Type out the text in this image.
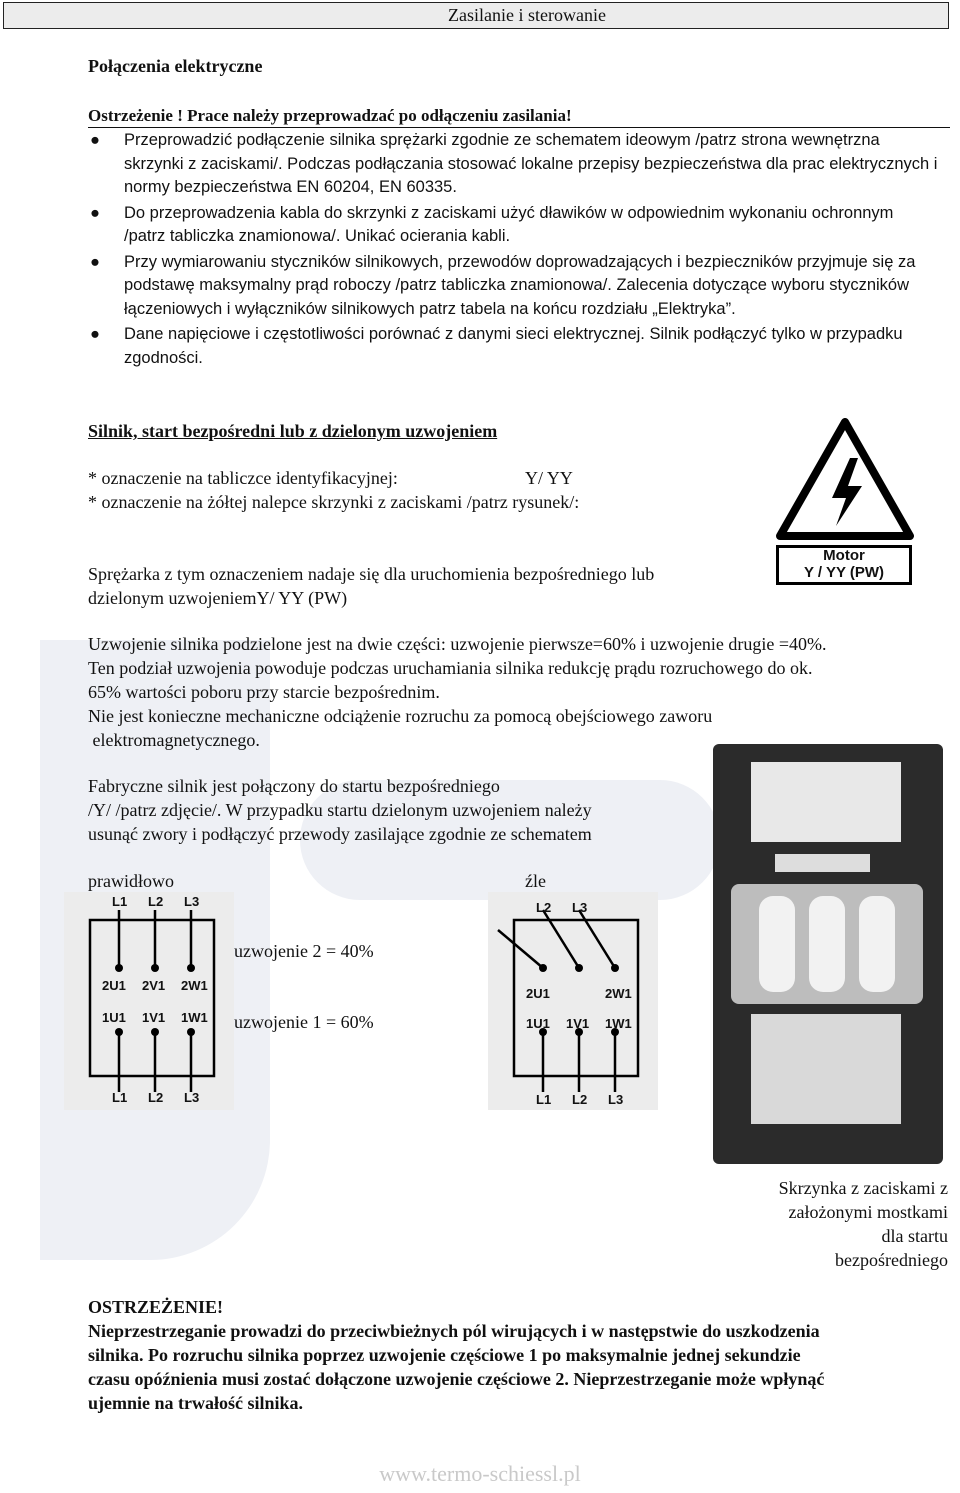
Zasilanie i sterowanie
Połączenia elektryczne
Ostrzeżenie ! Prace należy przeprowadzać po odłączeniu zasilania!
● Przeprowadzić podłączenie silnika sprężarki zgodnie ze schematem ideowym /patrz strona wewnętrzna skrzynki z zaciskami/. Podczas podłączania stosować lokalne przepisy bezpieczeństwa dla prac elektrycznych i normy bezpieczeństwa EN 60204, EN 60335.
● Do przeprowadzenia kabla do skrzynki z zaciskami użyć dławików w odpowiednim wykonaniu ochronnym /patrz tabliczka znamionowa/. Unikać ocierania kabli.
● Przy wymiarowaniu styczników silnikowych, przewodów doprowadzających i bezpieczników przyjmuje się za podstawę maksymalny prąd roboczy /patrz tabliczka znamionowa/. Zalecenia dotyczące wyboru styczników łączeniowych i wyłączników silnikowych patrz tabela na końcu rozdziału „Elektryka”.
● Dane napięciowe i częstotliwości porównać z danymi sieci elektrycznej. Silnik podłączyć tylko w przypadku zgodności.
Silnik, start bezpośredni lub z dzielonym uzwojeniem
* oznaczenie na tabliczce identyfikacyjnej:	Y/ YY
* oznaczenie na żółtej nalepce skrzynki z zaciskami /patrz rysunek/:
Motor
Y / YY (PW)
Sprężarka z tym oznaczeniem nadaje się dla uruchomienia bezpośredniego lub
dzielonym uzwojeniemY/ YY (PW)
Uzwojenie silnika podzielone jest na dwie części: uzwojenie pierwsze=60% i uzwojenie drugie =40%.
Ten podział uzwojenia powoduje podczas uruchamiania silnika redukcję prądu rozruchowego do ok.
65% wartości poboru przy starcie bezpośrednim.
Nie jest konieczne mechaniczne odciążenie rozruchu za pomocą obejściowego zaworu
elektromagnetycznego.
Fabryczne silnik jest połączony do startu bezpośredniego
/Y/ /patrz zdjęcie/. W przypadku startu dzielonym uzwojeniem należy
usunąć zwory i podłączyć przewody zasilające zgodnie ze schematem
prawidłowo	źle
L1 L2 L3
2U1 2V1 2W1
1U1 1V1 1W1
L1 L2 L3
uzwojenie 2 = 40%
uzwojenie 1 = 60%
L2 L3
2U1	2W1
1U1 1V1 1W1
L1 L2 L3
Skrzynka z zaciskami z
założonymi mostkami
dla startu
bezpośredniego
OSTRZEŻENIE!
Nieprzestrzeganie prowadzi do przeciwbieżnych pól wirujących i w następstwie do uszkodzenia
silnika. Po rozruchu silnika poprzez uzwojenie częściowe 1 po maksymalnie jednej sekundzie
czasu opóźnienia musi zostać dołączone uzwojenie częściowe 2. Nieprzestrzeganie może wpłynąć
ujemnie na trwałość silnika.
www.termo-schiessl.pl
